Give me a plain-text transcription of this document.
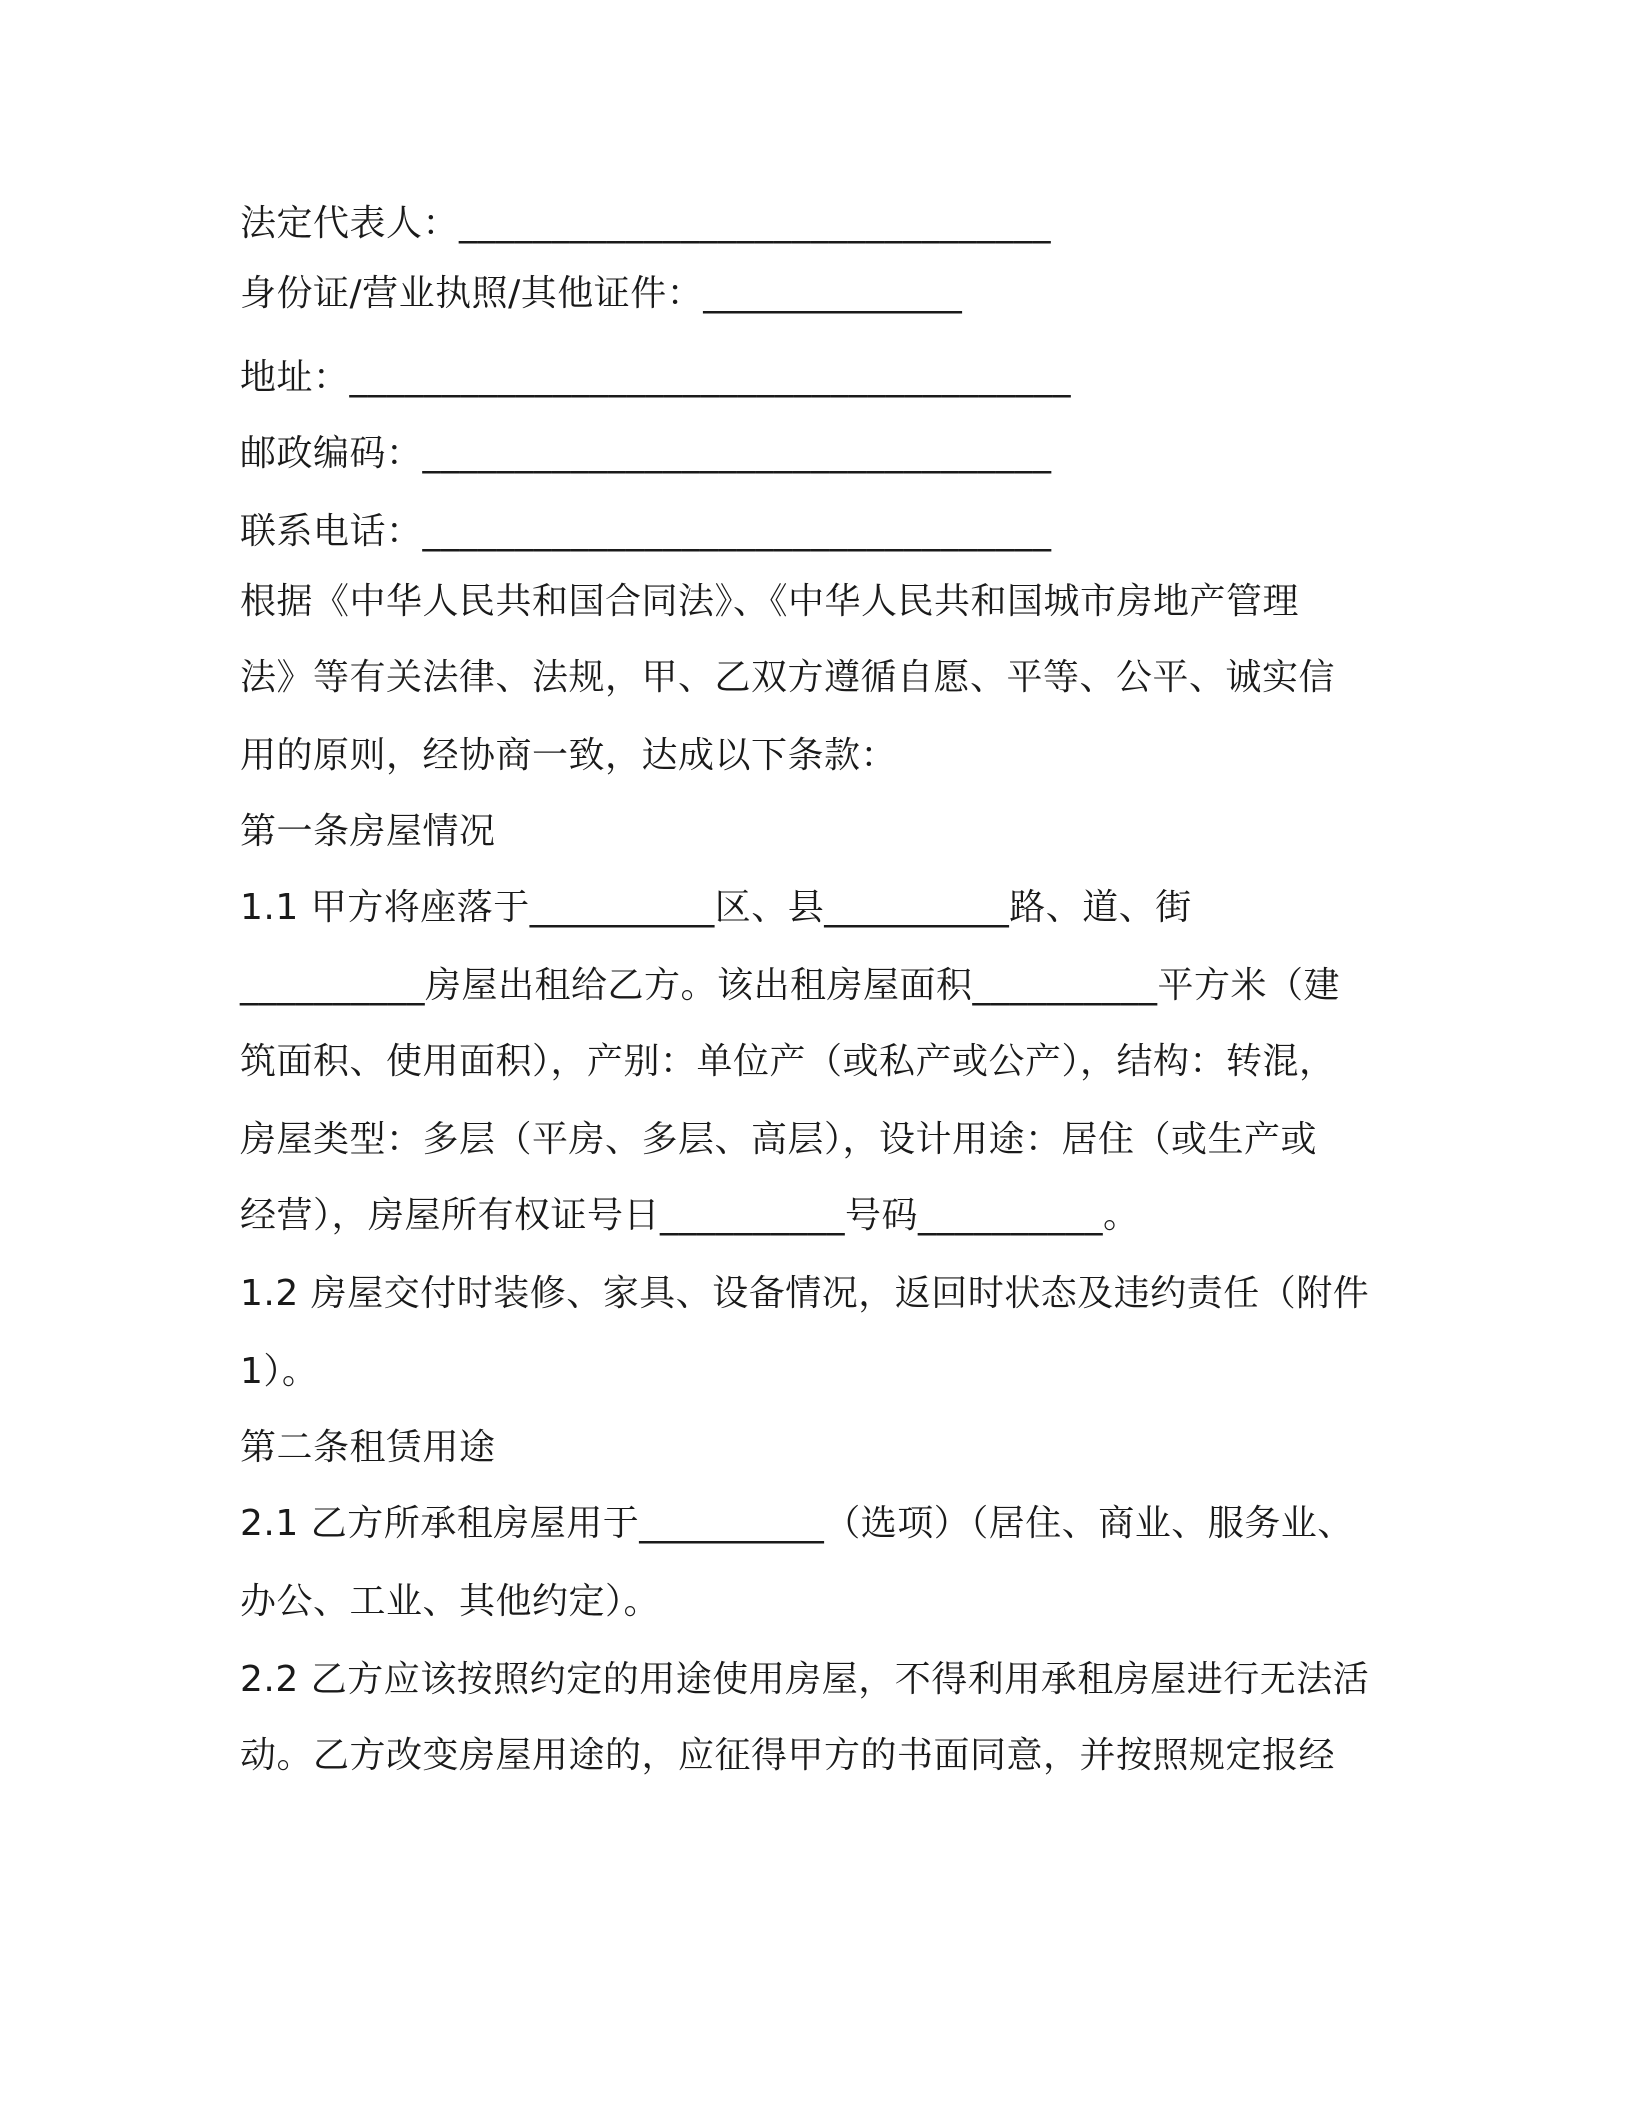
法定代表人：________________________________
身份证/营业执照/其他证件：______________
地址：_______________________________________
邮政编码：__________________________________
联系电话：__________________________________
根据《中华人民共和国合同法》、《中华人民共和国城市房地产管理
法》等有关法律、法规，甲、乙双方遵循自愿、平等、公平、诚实信
用的原则，经协商一致，达成以下条款：
第一条房屋情况
1.1 甲方将座落于__________区、县__________路、道、街
__________房屋出租给乙方。该出租房屋面积__________平方米（建
筑面积、使用面积），产别：单位产（或私产或公产），结构：转混，
房屋类型：多层（平房、多层、高层），设计用途：居住（或生产或
经营），房屋所有权证号日__________号码__________。
1.2 房屋交付时装修、家具、设备情况，返回时状态及违约责任（附件
1）。
第二条租赁用途
2.1 乙方所承租房屋用于__________（选项）（居住、商业、服务业、
办公、工业、其他约定）。
2.2 乙方应该按照约定的用途使用房屋，不得利用承租房屋进行无法活
动。乙方改变房屋用途的，应征得甲方的书面同意，并按照规定报经
